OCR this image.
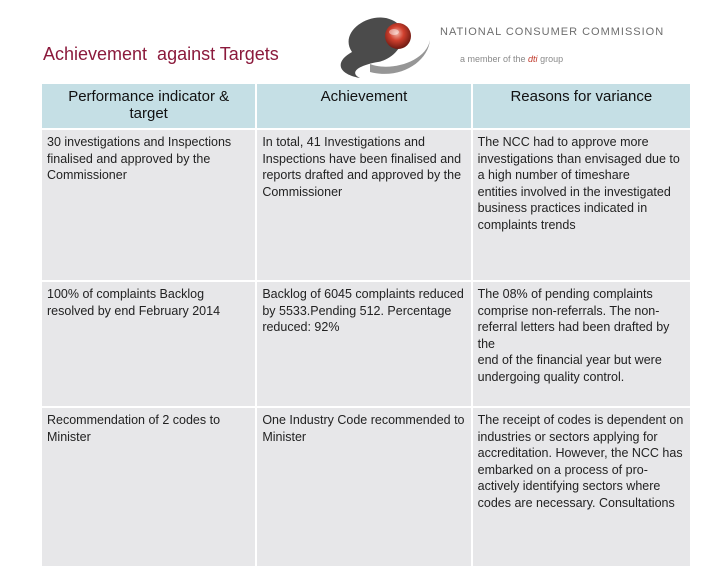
Achievement  against Targets
NATIONAL CONSUMER COMMISSION
a member of the dti group
Performance indicator & target	Achievement	Reasons for variance
30 investigations and Inspections finalised and approved by the Commissioner	In total, 41 Investigations and Inspections have been finalised and reports drafted and approved by the Commissioner	The NCC had to approve more investigations than envisaged due to a high number of timeshare
entities involved in the investigated business practices indicated in complaints trends
100% of complaints Backlog resolved by end February 2014	Backlog of 6045 complaints reduced
by 5533.Pending 512. Percentage reduced: 92%	The 08% of pending complaints comprise non-referrals. The non-referral letters had been drafted by the
end of the financial year but were undergoing quality control.
Recommendation of 2 codes to Minister	One Industry Code recommended to Minister	The receipt of codes is dependent on industries or sectors applying for accreditation. However, the NCC has embarked on a process of pro-actively identifying sectors where codes are necessary. Consultations
